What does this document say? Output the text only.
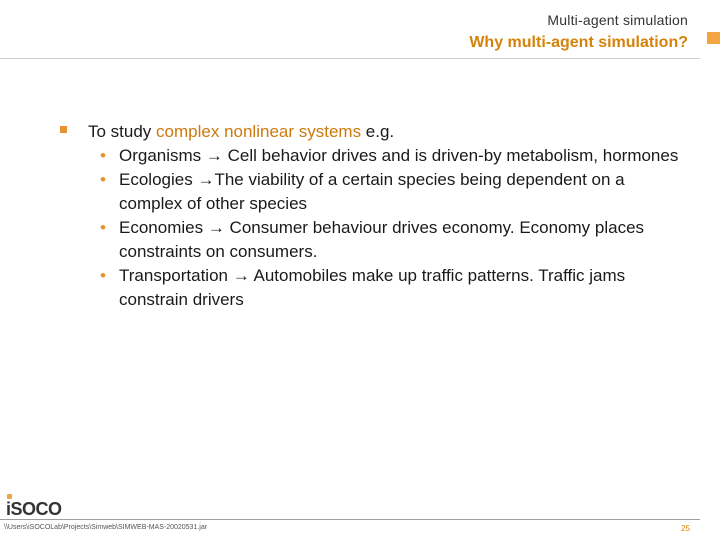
Multi-agent simulation
Why multi-agent simulation?
To study complex nonlinear systems e.g.
• Organisms → Cell behavior drives and is driven-by metabolism, hormones
• Ecologies →The viability of a certain species being dependent on a complex of other species
• Economies → Consumer behaviour drives economy. Economy places constraints on consumers.
• Transportation → Automobiles make up traffic patterns. Traffic jams constrain drivers
iSOCO
\\Users\iSOCOLab\Projects\Simweb\SIMWEB-MAS-20020531.jar	25
